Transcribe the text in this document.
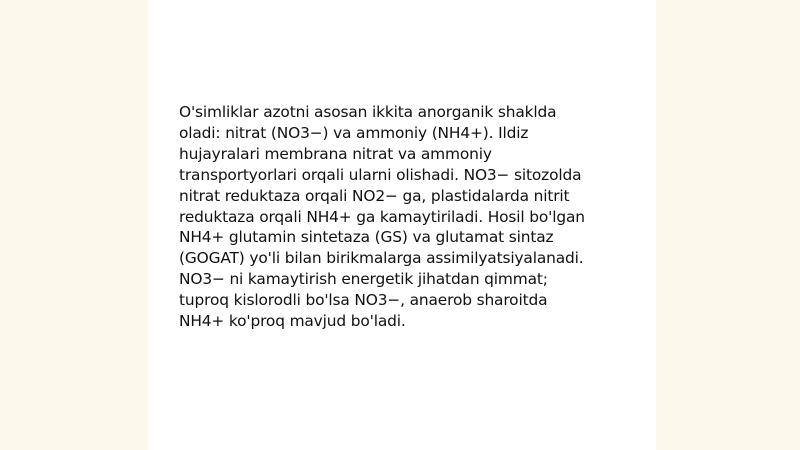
O'simliklar azotni asosan ikkita anorganik shaklda
oladi: nitrat (NO3−) va ammoniy (NH4+). Ildiz
hujayralari membrana nitrat va ammoniy
transportyorlari orqali ularni olishadi. NO3− sitozolda
nitrat reduktaza orqali NO2− ga, plastidalarda nitrit
reduktaza orqali NH4+ ga kamaytiriladi. Hosil bo'lgan
NH4+ glutamin sintetaza (GS) va glutamat sintaz
(GOGAT) yo'li bilan birikmalarga assimilyatsiyalanadi.
NO3− ni kamaytirish energetik jihatdan qimmat;
tuproq kislorodli bo'lsa NO3−, anaerob sharoitda
NH4+ ko'proq mavjud bo'ladi.
